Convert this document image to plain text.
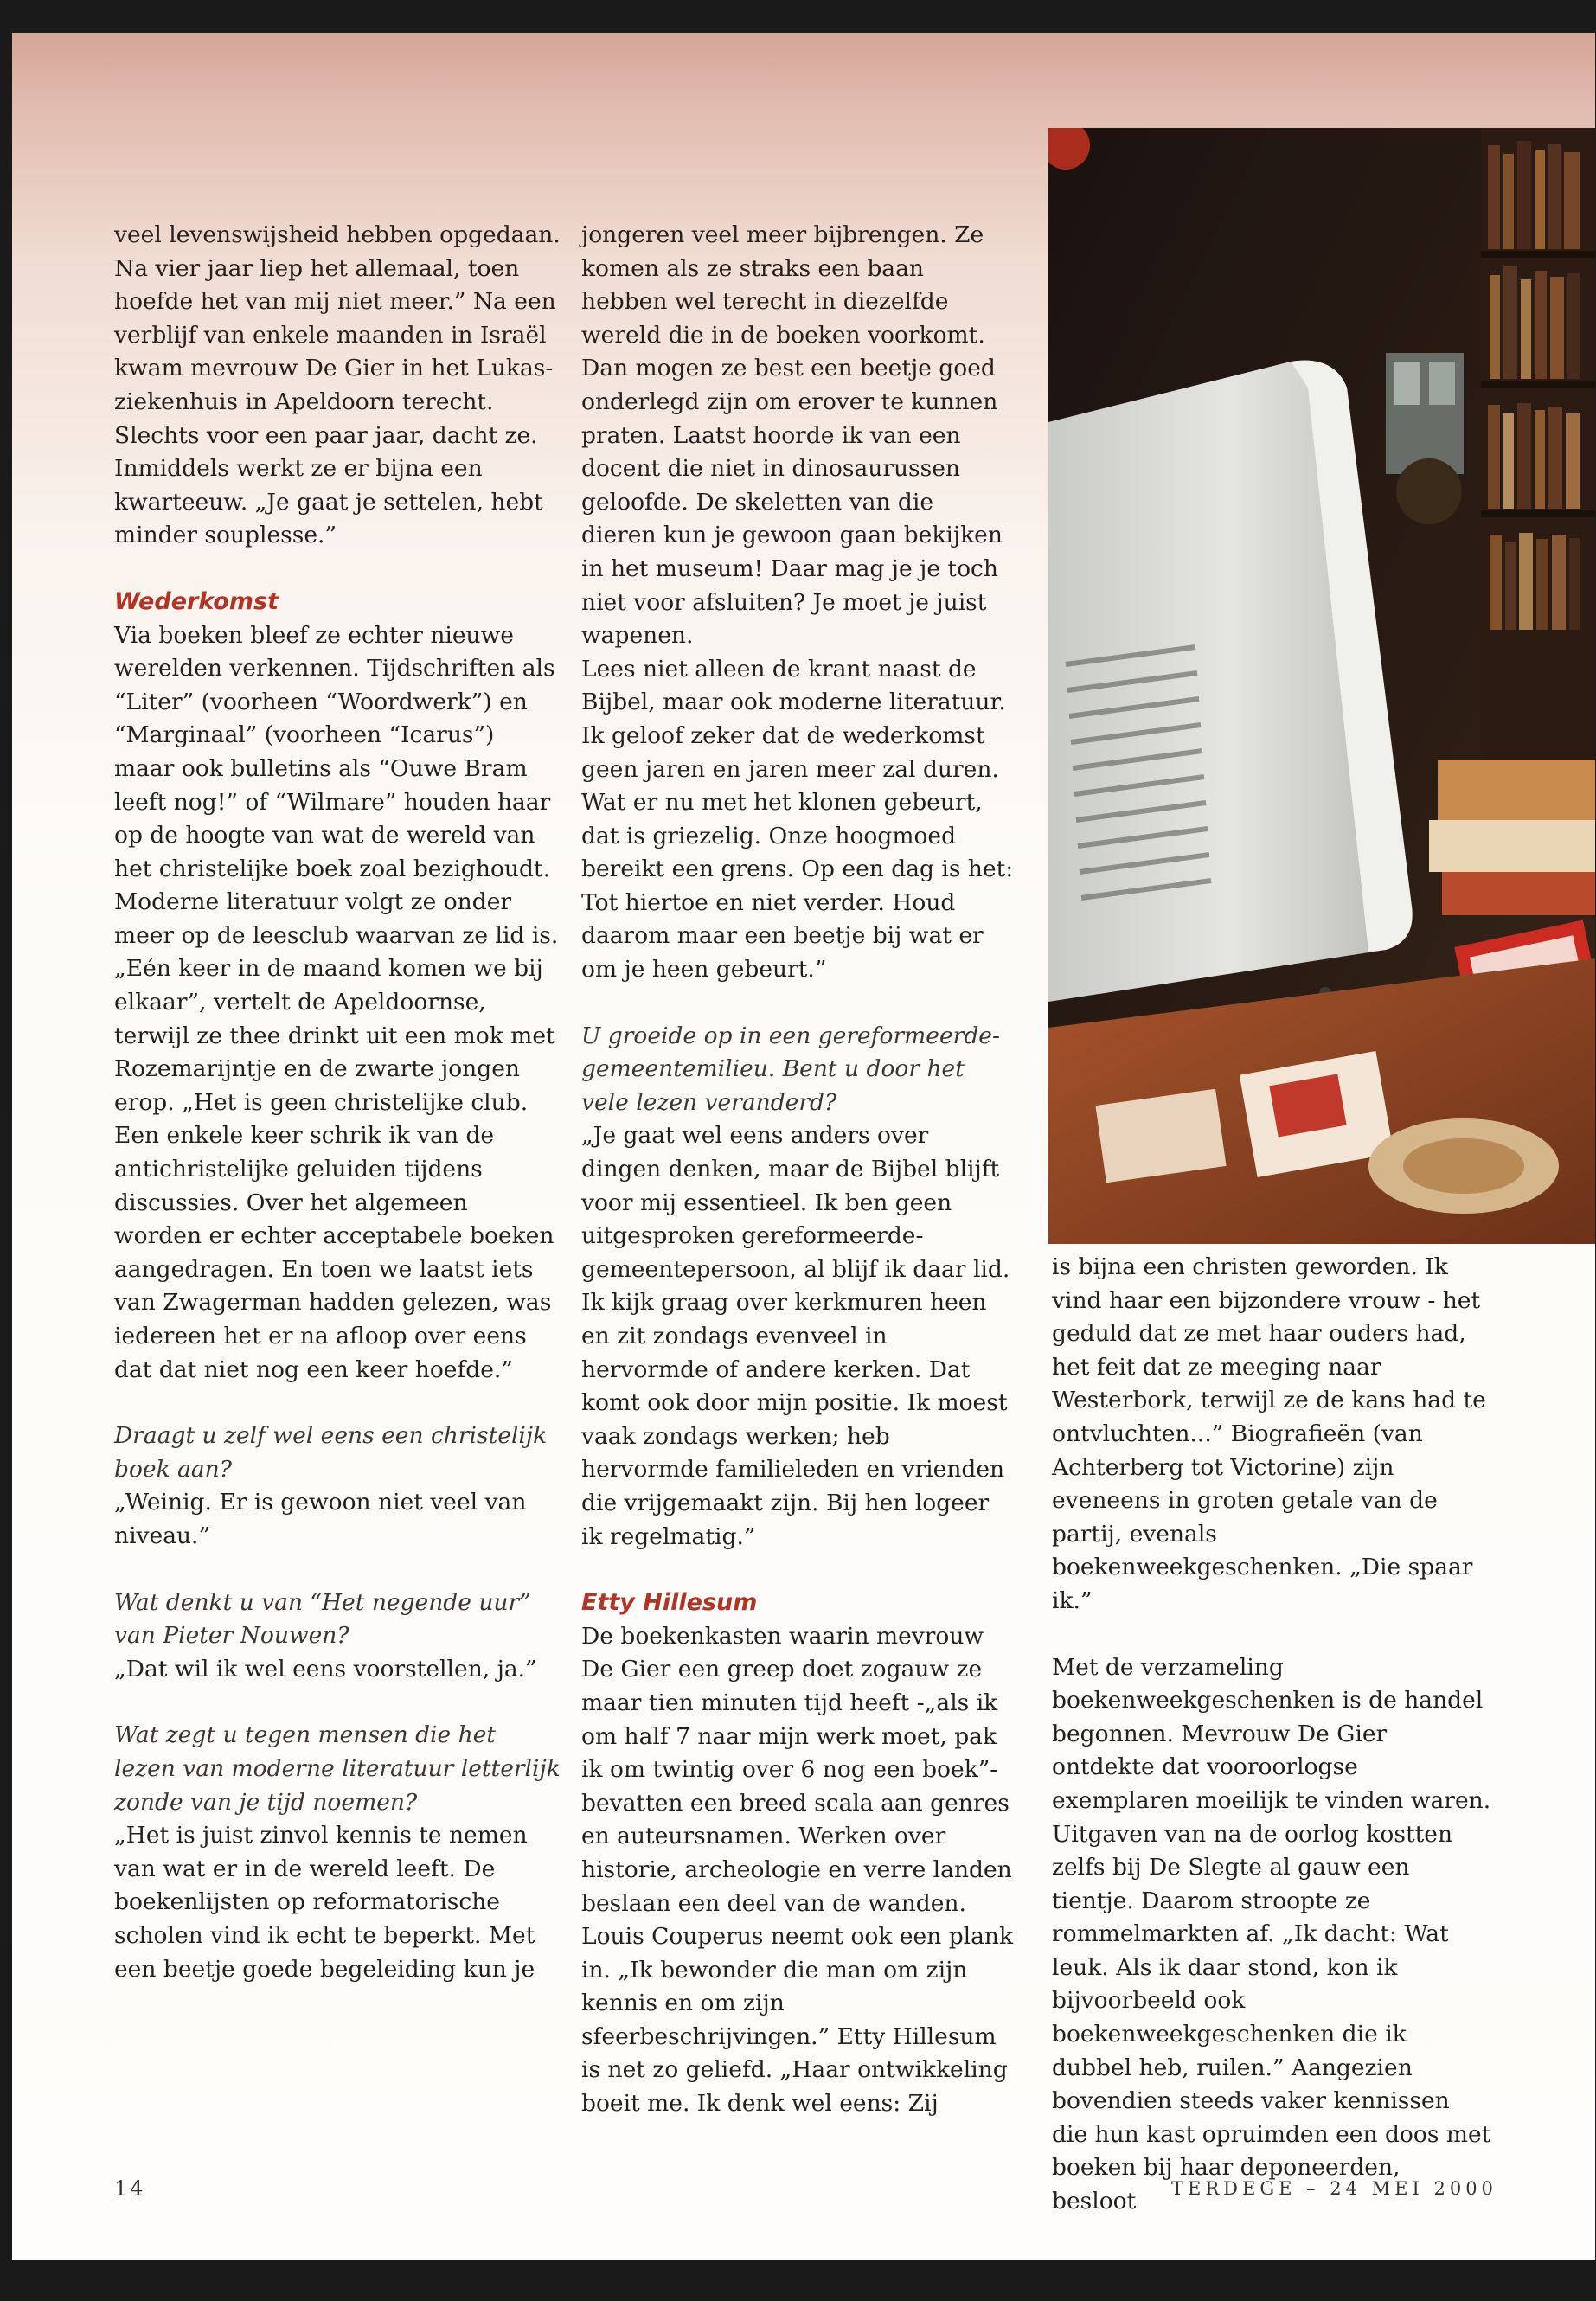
veel levenswijsheid hebben opgedaan. Na vier jaar liep het allemaal, toen hoefde het van mij niet meer.” Na een verblijf van enkele maanden in Israël kwam mevrouw De Gier in het Lukas-ziekenhuis in Apeldoorn terecht. Slechts voor een paar jaar, dacht ze. Inmiddels werkt ze er bijna een kwarteeuw. „Je gaat je settelen, hebt minder souplesse.”

Wederkomst

Via boeken bleef ze echter nieuwe werelden verkennen. Tijdschriften als “Liter” (voorheen “Woordwerk”) en “Marginaal” (voorheen “Icarus”) maar ook bulletins als “Ouwe Bram leeft nog!” of “Wilmare” houden haar op de hoogte van wat de wereld van het christelijke boek zoal bezighoudt. Moderne literatuur volgt ze onder meer op de leesclub waarvan ze lid is.

„Eén keer in de maand komen we bij elkaar”, vertelt de Apeldoornse, terwijl ze thee drinkt uit een mok met Rozemarijntje en de zwarte jongen erop. „Het is geen christelijke club. Een enkele keer schrik ik van de antichristelijke geluiden tijdens discussies. Over het algemeen worden er echter acceptabele boeken aangedragen. En toen we laatst iets van Zwagerman hadden gelezen, was iedereen het er na afloop over eens dat dat niet nog een keer hoefde.”

Draagt u zelf wel eens een christelijk boek aan?

„Weinig. Er is gewoon niet veel van niveau.”

Wat denkt u van “Het negende uur” van Pieter Nouwen?

„Dat wil ik wel eens voorstellen, ja.”

Wat zegt u tegen mensen die het lezen van moderne literatuur letterlijk zonde van je tijd noemen?

„Het is juist zinvol kennis te nemen van wat er in de wereld leeft. De boekenlijsten op reformatorische scholen vind ik echt te beperkt. Met een beetje goede begeleiding kun je

jongeren veel meer bijbrengen. Ze komen als ze straks een baan hebben wel terecht in diezelfde wereld die in de boeken voorkomt. Dan mogen ze best een beetje goed onderlegd zijn om erover te kunnen praten. Laatst hoorde ik van een docent die niet in dinosaurussen geloofde. De skeletten van die dieren kun je gewoon gaan bekijken in het museum! Daar mag je je toch niet voor afsluiten? Je moet je juist wapenen.

Lees niet alleen de krant naast de Bijbel, maar ook moderne literatuur. Ik geloof zeker dat de wederkomst geen jaren en jaren meer zal duren. Wat er nu met het klonen gebeurt, dat is griezelig. Onze hoogmoed bereikt een grens. Op een dag is het: Tot hiertoe en niet verder. Houd daarom maar een beetje bij wat er om je heen gebeurt.”

U groeide op in een gereformeerde-gemeentemilieu. Bent u door het vele lezen veranderd?

„Je gaat wel eens anders over dingen denken, maar de Bijbel blijft voor mij essentieel. Ik ben geen uitgesproken gereformeerde-gemeentepersoon, al blijf ik daar lid. Ik kijk graag over kerkmuren heen en zit zondags evenveel in hervormde of andere kerken. Dat komt ook door mijn positie. Ik moest vaak zondags werken; heb hervormde familieleden en vrienden die vrijgemaakt zijn. Bij hen logeer ik regelmatig.”

Etty Hillesum

De boekenkasten waarin mevrouw De Gier een greep doet zogauw ze maar tien minuten tijd heeft -„als ik om half 7 naar mijn werk moet, pak ik om twintig over 6 nog een boek”- bevatten een breed scala aan genres en auteursnamen. Werken over historie, archeologie en verre landen beslaan een deel van de wanden. Louis Couperus neemt ook een plank in. „Ik bewonder die man om zijn kennis en om zijn sfeerbeschrijvingen.” Etty Hillesum is net zo geliefd. „Haar ontwikkeling boeit me. Ik denk wel eens: Zij

is bijna een christen geworden. Ik vind haar een bijzondere vrouw - het geduld dat ze met haar ouders had, het feit dat ze meeging naar Westerbork, terwijl ze de kans had te ontvluchten...” Biografieën (van Achterberg tot Victorine) zijn eveneens in groten getale van de partij, evenals boekenweekgeschenken. „Die spaar ik.”

Met de verzameling boekenweekgeschenken is de handel begonnen. Mevrouw De Gier ontdekte dat vooroorlogse exemplaren moeilijk te vinden waren. Uitgaven van na de oorlog kostten zelfs bij De Slegte al gauw een tientje. Daarom stroopte ze rommelmarkten af. „Ik dacht: Wat leuk. Als ik daar stond, kon ik bijvoorbeeld ook boekenweekgeschenken die ik dubbel heb, ruilen.” Aangezien bovendien steeds vaker kennissen die hun kast opruimden een doos met boeken bij haar deponeerden, besloot

14	TERDEGE – 24 MEI 2000
